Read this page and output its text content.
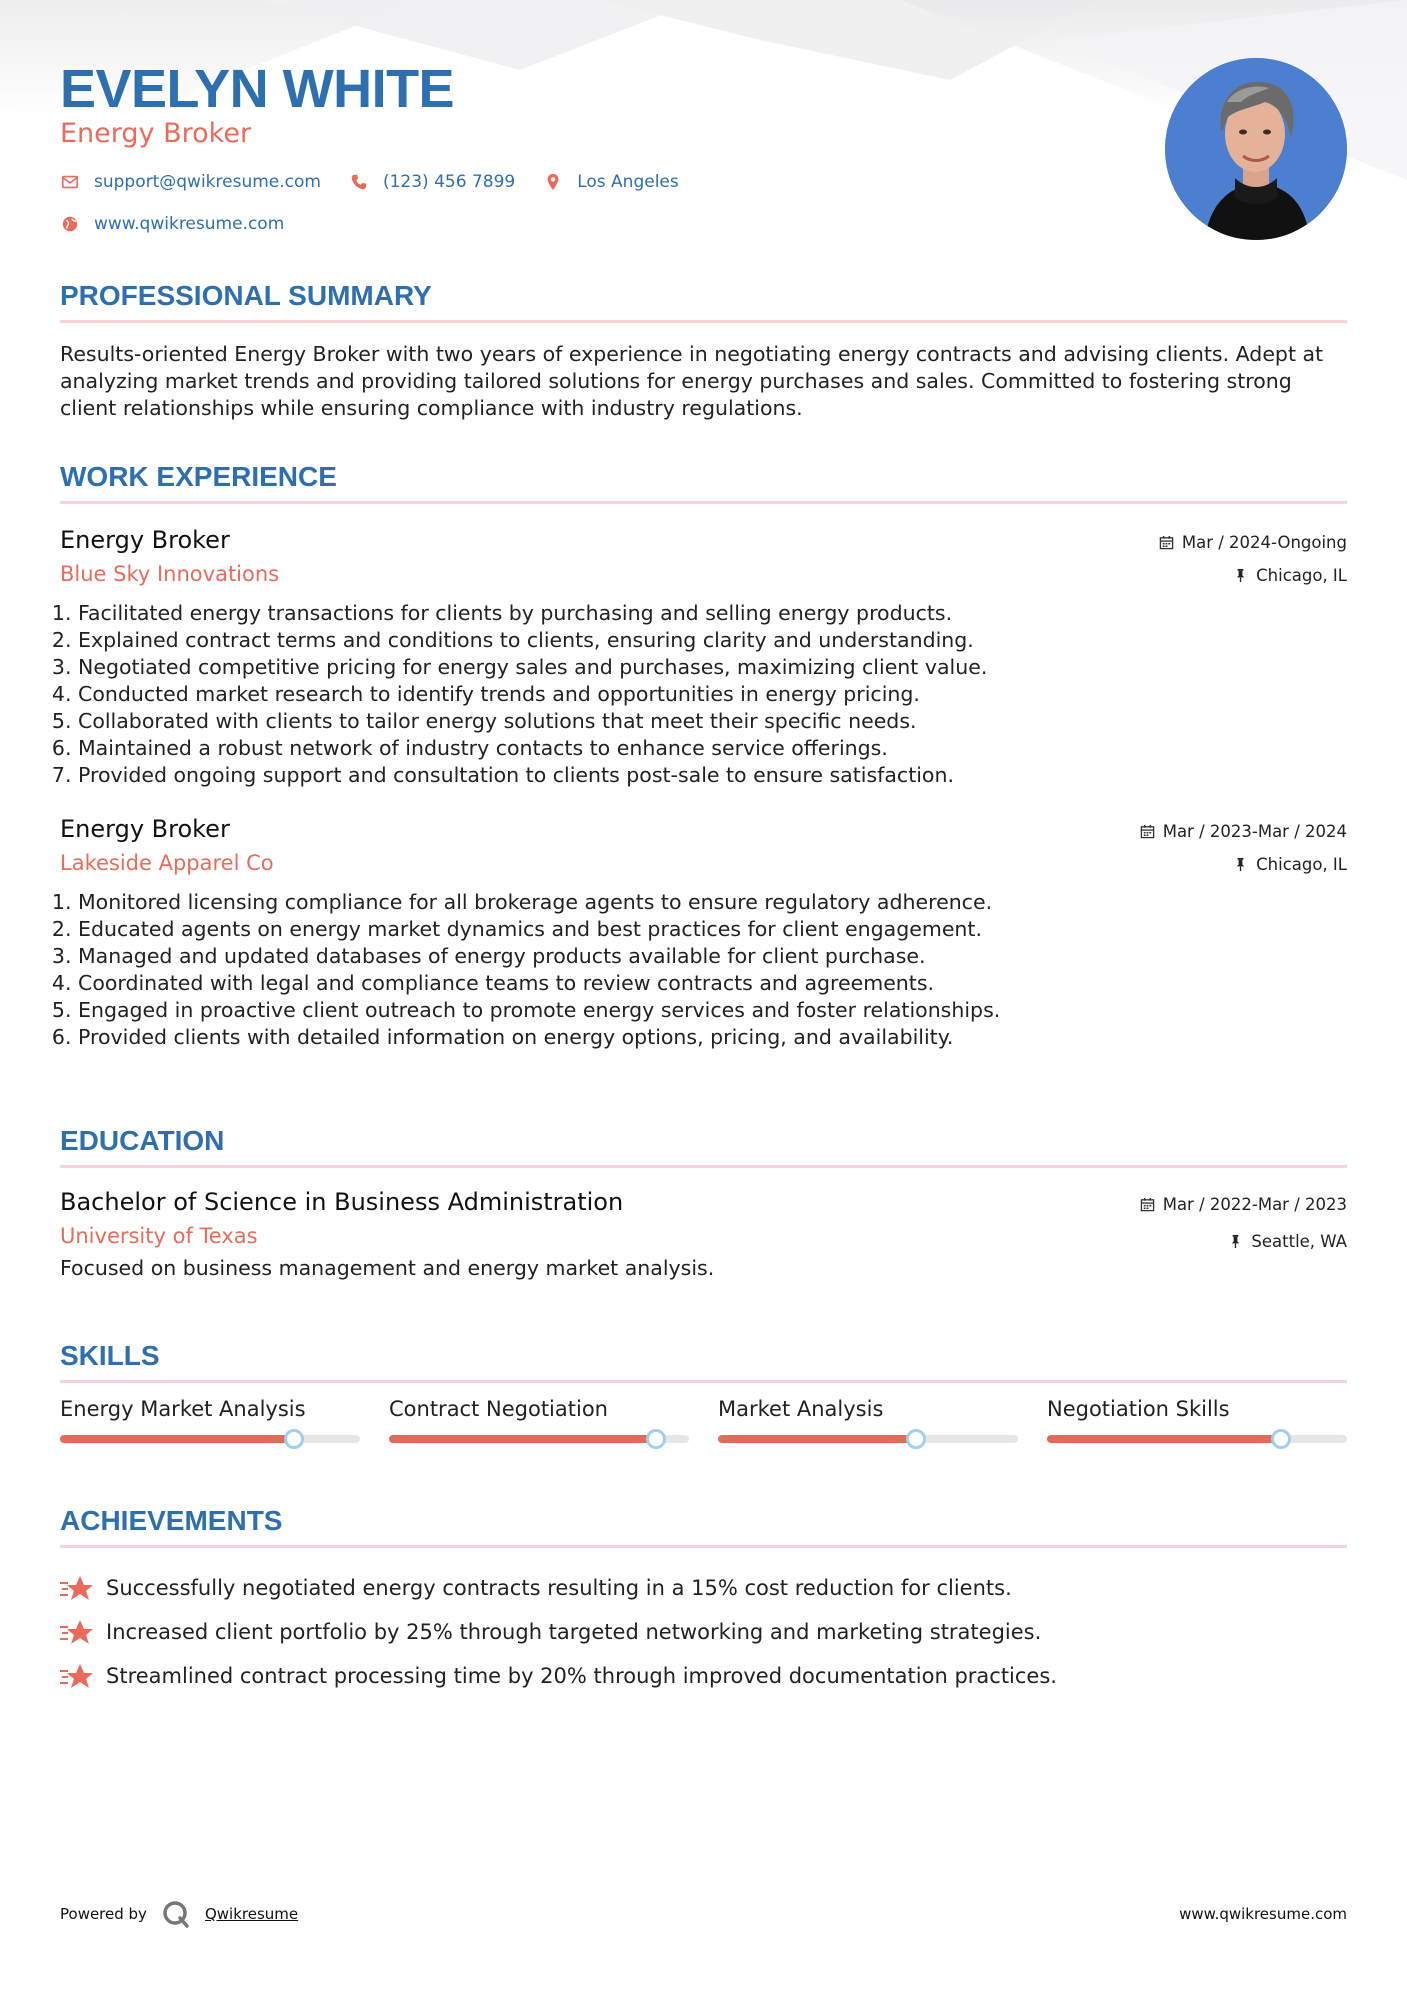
EVELYN WHITE
Energy Broker
support@qwikresume.com	(123) 456 7899	Los Angeles
www.qwikresume.com
PROFESSIONAL SUMMARY

Results-oriented Energy Broker with two years of experience in negotiating energy contracts and advising clients. Adept at analyzing market trends and providing tailored solutions for energy purchases and sales. Committed to fostering strong client relationships while ensuring compliance with industry regulations.

WORK EXPERIENCE
Energy Broker
Blue Sky Innovations
Mar / 2024-Ongoing
Chicago, IL
1. Facilitated energy transactions for clients by purchasing and selling energy products.
2. Explained contract terms and conditions to clients, ensuring clarity and understanding.
3. Negotiated competitive pricing for energy sales and purchases, maximizing client value.
4. Conducted market research to identify trends and opportunities in energy pricing.
5. Collaborated with clients to tailor energy solutions that meet their specific needs.
6. Maintained a robust network of industry contacts to enhance service offerings.
7. Provided ongoing support and consultation to clients post-sale to ensure satisfaction.
Energy Broker
Lakeside Apparel Co
Mar / 2023-Mar / 2024
Chicago, IL
1. Monitored licensing compliance for all brokerage agents to ensure regulatory adherence.
2. Educated agents on energy market dynamics and best practices for client engagement.
3. Managed and updated databases of energy products available for client purchase.
4. Coordinated with legal and compliance teams to review contracts and agreements.
5. Engaged in proactive client outreach to promote energy services and foster relationships.
6. Provided clients with detailed information on energy options, pricing, and availability.
EDUCATION
Bachelor of Science in Business Administration
University of Texas
Mar / 2022-Mar / 2023
Seattle, WA
Focused on business management and energy market analysis.
SKILLS
Energy Market Analysis	Contract Negotiation	Market Analysis	Negotiation Skills
ACHIEVEMENTS
Successfully negotiated energy contracts resulting in a 15% cost reduction for clients.
Increased client portfolio by 25% through targeted networking and marketing strategies.
Streamlined contract processing time by 20% through improved documentation practices.
Powered by	Qwikresume	www.qwikresume.com
